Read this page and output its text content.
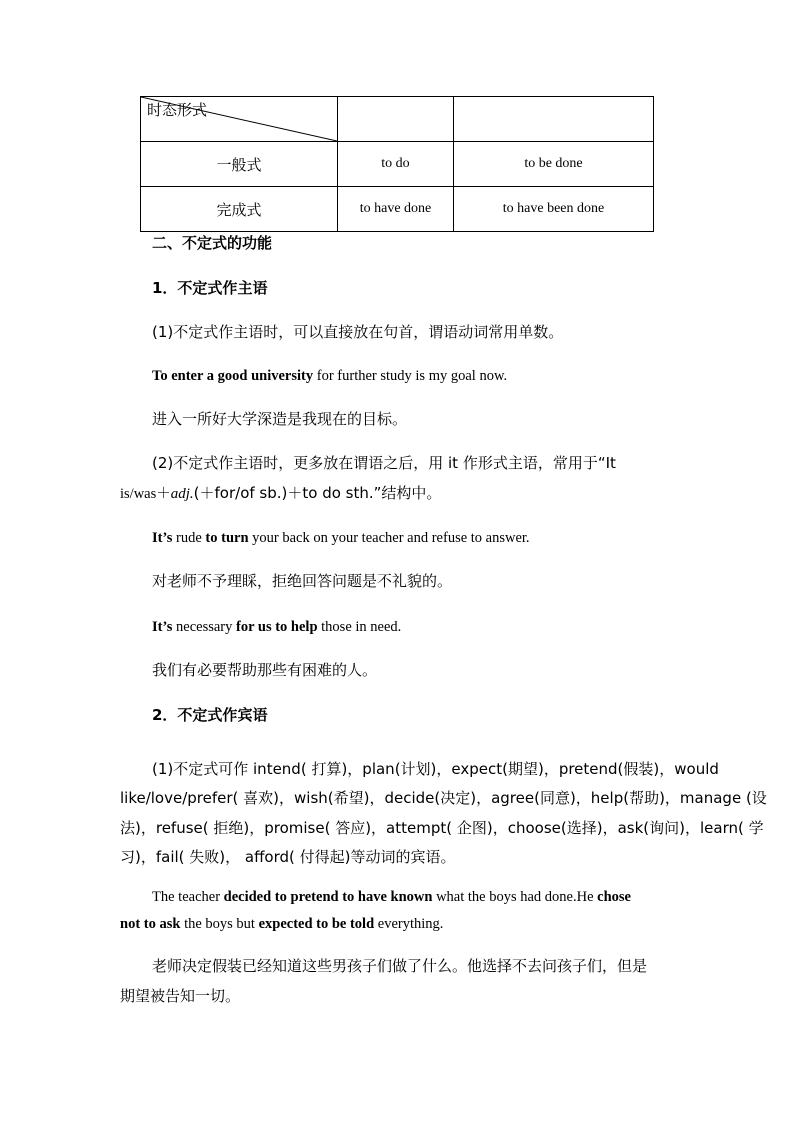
时态形式		

一般式	to do	to be done
完成式	to have done	to have been done
二、不定式的功能
1．不定式作主语
(1)不定式作主语时，可以直接放在句首，谓语动词常用单数。
To enter a good university for further study is my goal now.
进入一所好大学深造是我现在的目标。
(2)不定式作主语时，更多放在谓语之后，用 it 作形式主语，常用于“It
is/was＋adj.(＋for/of sb.)＋to do sth.”结构中。
It’s rude to turn your back on your teacher and refuse to answer.
对老师不予理睬，拒绝回答问题是不礼貌的。
It’s necessary for us to help those in need.
我们有必要帮助那些有困难的人。
2．不定式作宾语
(1)不定式可作 intend( 打算)，plan(计划)，expect(期望)，pretend(假装)，would
like/love/prefer( 喜欢)，wish(希望)，decide(决定)，agree(同意)，help(帮助)，manage (设
法)，refuse( 拒绝)，promise( 答应)，attempt( 企图)，choose(选择)，ask(询问)，learn( 学
习)，fail( 失败)， afford( 付得起)等动词的宾语。
The teacher decided to pretend to have known what the boys had done.He chose
not to ask the boys but expected to be told everything.
老师决定假装已经知道这些男孩子们做了什么。他选择不去问孩子们，但是
期望被告知一切。
